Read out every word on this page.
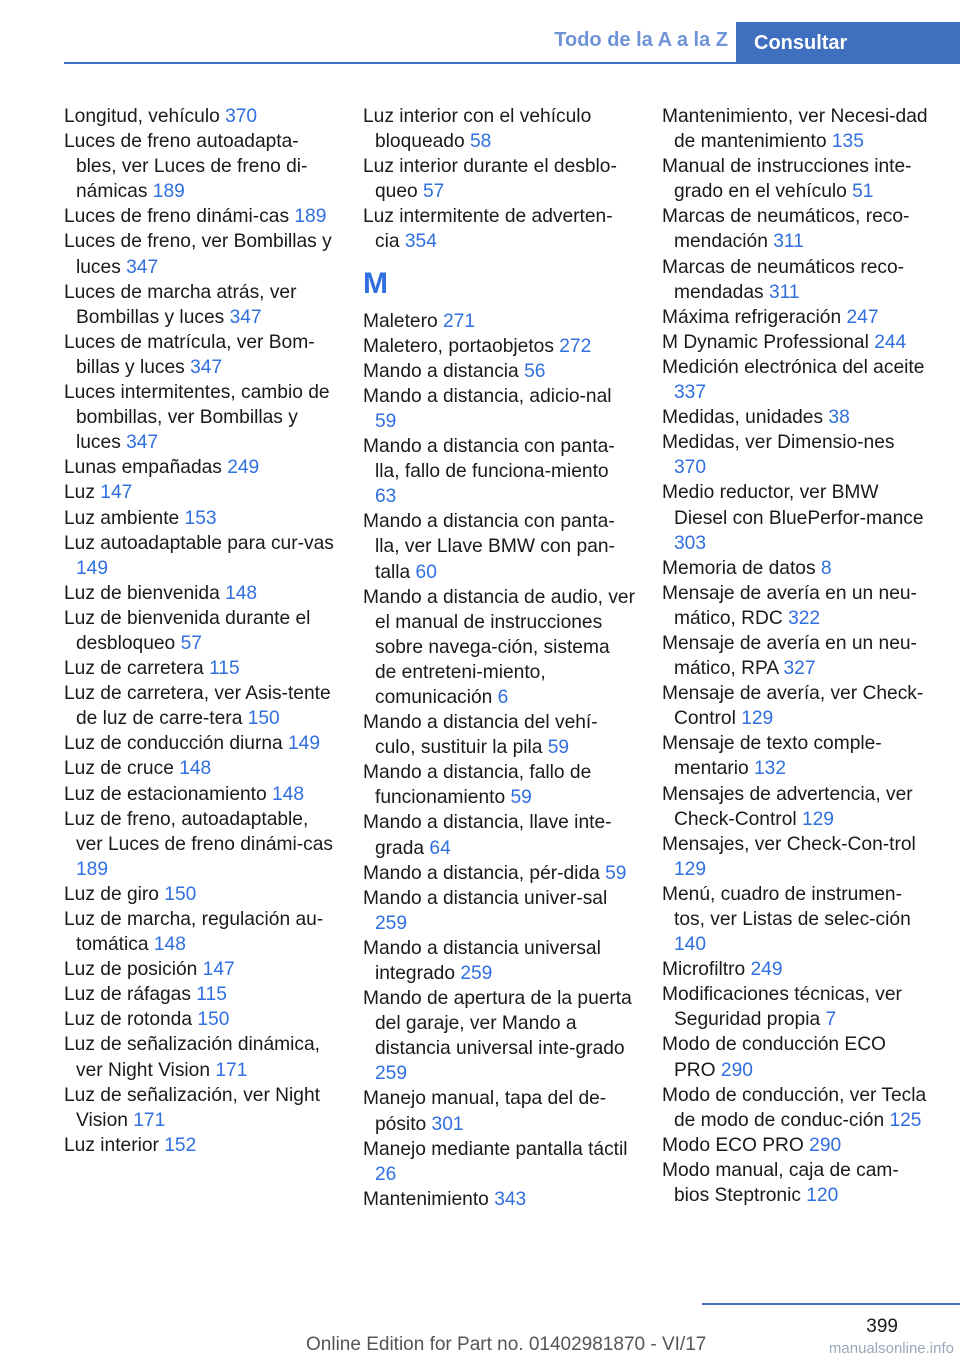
Todo de la A a la Z	Consultar
Longitud, vehículo 370
Luces de freno autoadapta‐bles, ver Luces de freno di‐námicas 189
Luces de freno dinámi‐cas 189
Luces de freno, ver Bombillas y luces 347
Luces de marcha atrás, ver Bombillas y luces 347
Luces de matrícula, ver Bom‐billas y luces 347
Luces intermitentes, cambio de bombillas, ver Bombillas y luces 347
Lunas empañadas 249
Luz 147
Luz ambiente 153
Luz autoadaptable para cur‐vas 149
Luz de bienvenida 148
Luz de bienvenida durante el desbloqueo 57
Luz de carretera 115
Luz de carretera, ver Asis‐tente de luz de carre‐tera 150
Luz de conducción diurna 149
Luz de cruce 148
Luz de estacionamiento 148
Luz de freno, autoadaptable, ver Luces de freno dinámi‐cas 189
Luz de giro 150
Luz de marcha, regulación au‐tomática 148
Luz de posición 147
Luz de ráfagas 115
Luz de rotonda 150
Luz de señalización dinámica, ver Night Vision 171
Luz de señalización, ver Night Vision 171
Luz interior 152
Luz interior con el vehículo bloqueado 58
Luz interior durante el desblo‐queo 57
Luz intermitente de adverten‐cia 354
M
Maletero 271
Maletero, portaobjetos 272
Mando a distancia 56
Mando a distancia, adicio‐nal 59
Mando a distancia con panta‐lla, fallo de funciona‐miento 63
Mando a distancia con panta‐lla, ver Llave BMW con pan‐talla 60
Mando a distancia de audio, ver el manual de instrucciones sobre navega‐ción, sistema de entreteni‐miento, comunicación 6
Mando a distancia del vehí‐culo, sustituir la pila 59
Mando a distancia, fallo de funcionamiento 59
Mando a distancia, llave inte‐grada 64
Mando a distancia, pér‐dida 59
Mando a distancia univer‐sal 259
Mando a distancia universal integrado 259
Mando de apertura de la puerta del garaje, ver Mando a distancia universal inte‐grado 259
Manejo manual, tapa del de‐pósito 301
Manejo mediante pantalla táctil 26
Mantenimiento 343
Mantenimiento, ver Necesi‐dad de mantenimiento 135
Manual de instrucciones inte‐grado en el vehículo 51
Marcas de neumáticos, reco‐mendación 311
Marcas de neumáticos reco‐mendadas 311
Máxima refrigeración 247
M Dynamic Professional 244
Medición electrónica del aceite 337
Medidas, unidades 38
Medidas, ver Dimensio‐nes 370
Medio reductor, ver BMW Diesel con BluePerfor‐mance 303
Memoria de datos 8
Mensaje de avería en un neu‐mático, RDC 322
Mensaje de avería en un neu‐mático, RPA 327
Mensaje de avería, ver Check-Control 129
Mensaje de texto comple‐mentario 132
Mensajes de advertencia, ver Check-Control 129
Mensajes, ver Check-Con‐trol 129
Menú, cuadro de instrumen‐tos, ver Listas de selec‐ción 140
Microfiltro 249
Modificaciones técnicas, ver Seguridad propia 7
Modo de conducción ECO PRO 290
Modo de conducción, ver Tecla de modo de conduc‐ción 125
Modo ECO PRO 290
Modo manual, caja de cam‐bios Steptronic 120
399
Online Edition for Part no. 01402981870 - VI/17	manualsonline.info
